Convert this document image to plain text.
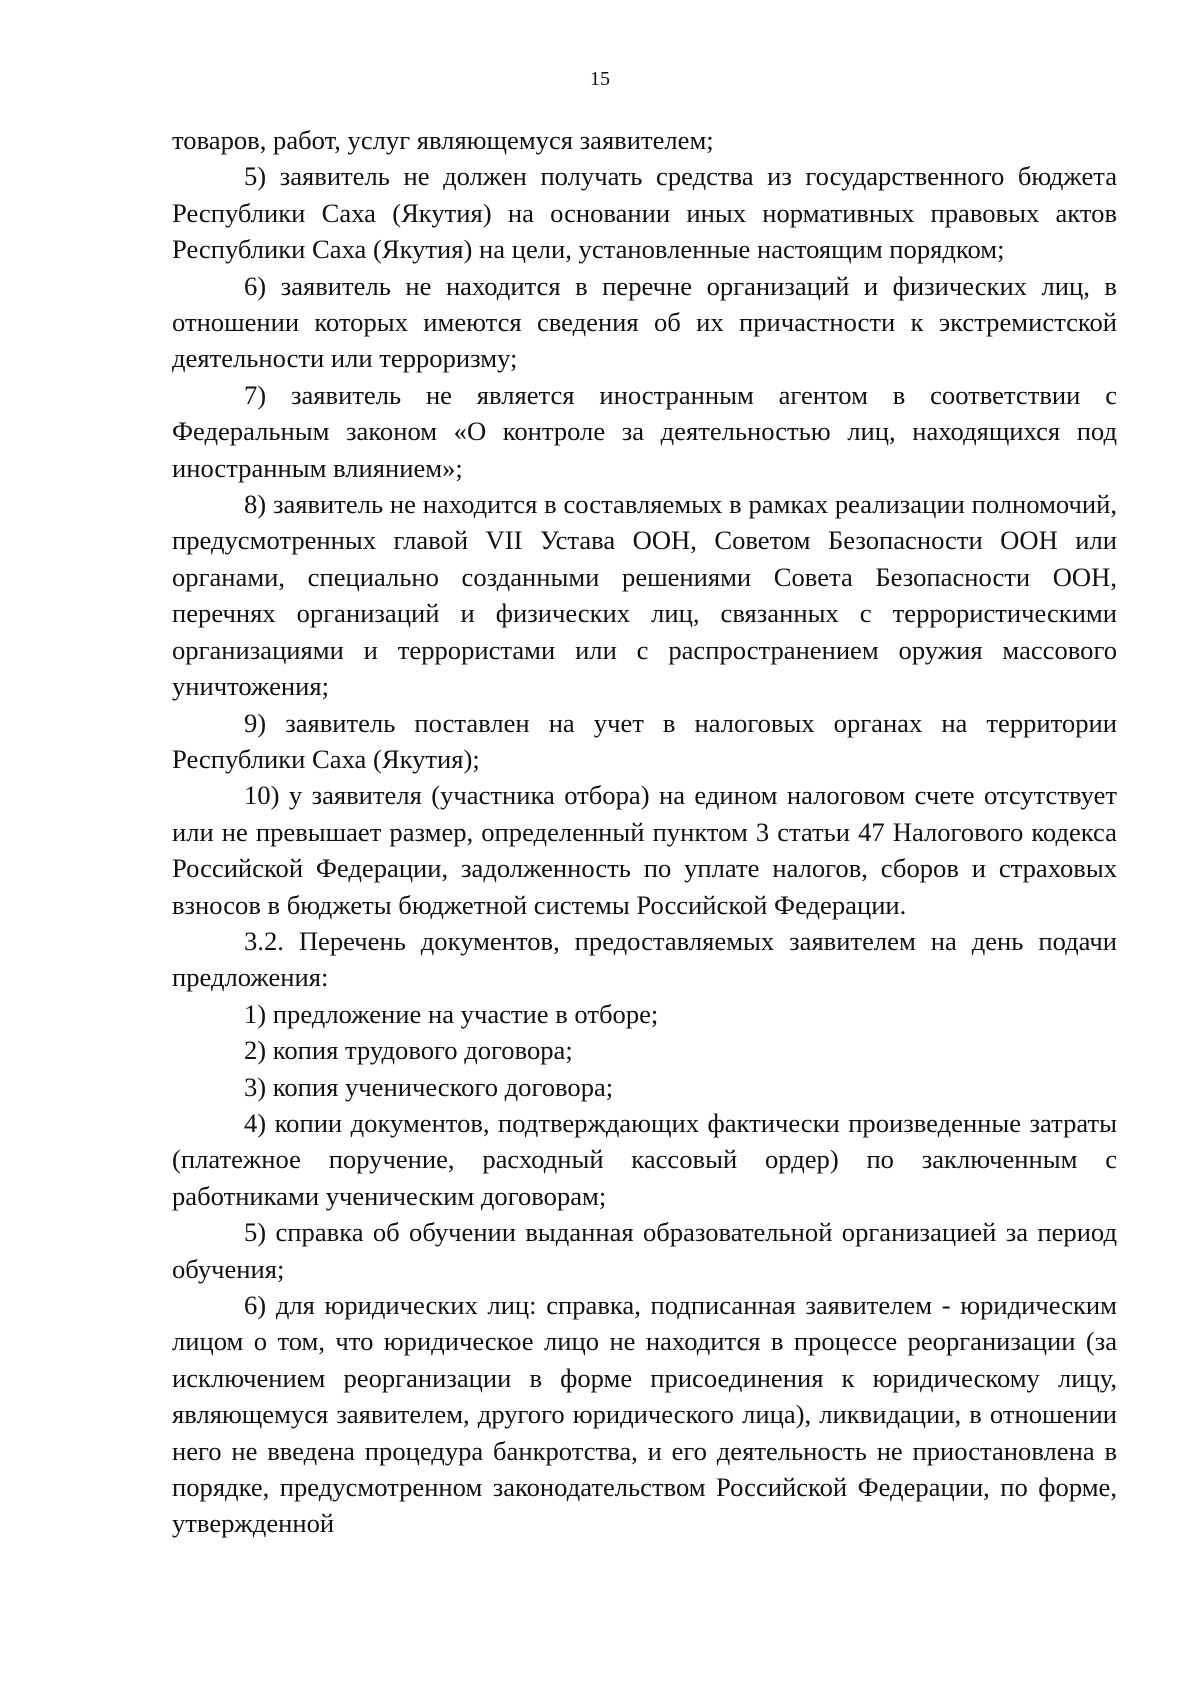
15

товаров, работ, услуг являющемуся заявителем;

5) заявитель не должен получать средства из государственного бюджета Республики Саха (Якутия) на основании иных нормативных правовых актов Республики Саха (Якутия) на цели, установленные настоящим порядком;

6) заявитель не находится в перечне организаций и физических лиц, в отношении которых имеются сведения об их причастности к экстремистской деятельности или терроризму;

7) заявитель не является иностранным агентом в соответствии с Федеральным законом «О контроле за деятельностью лиц, находящихся под иностранным влиянием»;

8) заявитель не находится в составляемых в рамках реализации полномочий, предусмотренных главой VII Устава ООН, Советом Безопасности ООН или органами, специально созданными решениями Совета Безопасности ООН, перечнях организаций и физических лиц, связанных с террористическими организациями и террористами или с распространением оружия массового уничтожения;

9) заявитель поставлен на учет в налоговых органах на территории Республики Саха (Якутия);

10) у заявителя (участника отбора) на едином налоговом счете отсутствует или не превышает размер, определенный пунктом 3 статьи 47 Налогового кодекса Российской Федерации, задолженность по уплате налогов, сборов и страховых взносов в бюджеты бюджетной системы Российской Федерации.

3.2. Перечень документов, предоставляемых заявителем на день подачи предложения:

1) предложение на участие в отборе;

2) копия трудового договора;

3) копия ученического договора;

4) копии документов, подтверждающих фактически произведенные затраты (платежное поручение, расходный кассовый ордер) по заключенным с работниками ученическим договорам;

5) справка об обучении выданная образовательной организацией за период обучения;

6) для юридических лиц: справка, подписанная заявителем - юридическим лицом о том, что юридическое лицо не находится в процессе реорганизации (за исключением реорганизации в форме присоединения к юридическому лицу, являющемуся заявителем, другого юридического лица), ликвидации, в отношении него не введена процедура банкротства, и его деятельность не приостановлена в порядке, предусмотренном законодательством Российской Федерации, по форме, утвержденной
